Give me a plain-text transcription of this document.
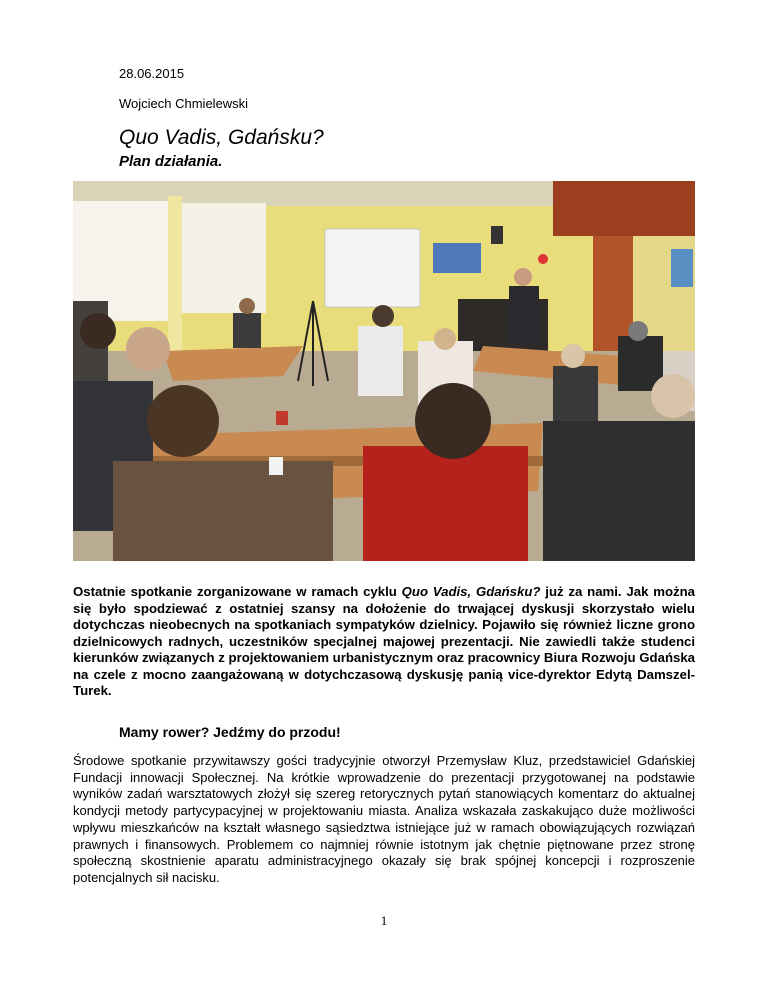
28.06.2015
Wojciech Chmielewski
Quo Vadis, Gdańsku?
Plan działania.

Ostatnie spotkanie zorganizowane w ramach cyklu Quo Vadis, Gdańsku? już za nami. Jak można się było spodziewać z ostatniej szansy na dołożenie do trwającej dyskusji skorzystało wielu dotychczas nieobecnych na spotkaniach sympatyków dzielnicy. Pojawiło się również liczne grono dzielnicowych radnych, uczestników specjalnej majowej prezentacji. Nie zawiedli także studenci kierunków związanych z projektowaniem urbanistycznym oraz pracownicy Biura Rozwoju Gdańska na czele z mocno zaangażowaną w dotychczasową dyskusję panią vice-dyrektor Edytą Damszel-Turek.

Mamy rower? Jedźmy do przodu!

Środowe spotkanie przywitawszy gości tradycyjnie otworzył Przemysław Kluz, przedstawiciel Gdańskiej Fundacji innowacji Społecznej. Na krótkie wprowadzenie do prezentacji przygotowanej na podstawie wyników zadań warsztatowych złożył się szereg retorycznych pytań stanowiących komentarz do aktualnej kondycji metody partycypacyjnej w projektowaniu miasta. Analiza wskazała zaskakująco duże możliwości wpływu mieszkańców na kształt własnego sąsiedztwa istniejące już w ramach obowiązujących rozwiązań prawnych i finansowych. Problemem co najmniej równie istotnym jak chętnie piętnowane przez stronę społeczną skostnienie aparatu administracyjnego okazały się brak spójnej koncepcji i rozproszenie potencjalnych sił nacisku.

1
